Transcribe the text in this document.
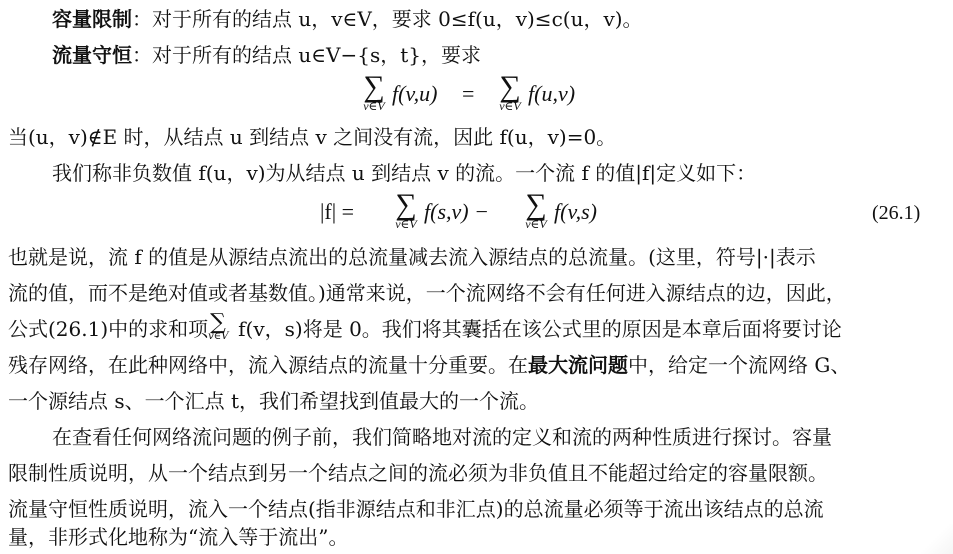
容量限制：对于所有的结点 u，v∈V，要求 0≤f(u，v)≤c(u，v)。
流量守恒：对于所有的结点 u∈V−{s，t}，要求
∑
v∈V f(v,u) = ∑
v∈V f(u,v)
当(u，v)∉E 时，从结点 u 到结点 v 之间没有流，因此 f(u，v)=0。
我们称非负数值 f(u，v)为从结点 u 到结点 v 的流。一个流 f 的值|f|定义如下：
|f| =	∑
v∈V f(s,v) −	∑
v∈V f(v,s)	(26.1)
也就是说，流 f 的值是从源结点流出的总流量减去流入源结点的总流量。(这里，符号|·|表示
流的值，而不是绝对值或者基数值。)通常来说，一个流网络不会有任何进入源结点的边，因此，
公式(26.1)中的求和项 ∑
v∈V f(v，s)将是 0。我们将其囊括在该公式里的原因是本章后面将要讨论
残存网络，在此种网络中，流入源结点的流量十分重要。在最大流问题中，给定一个流网络 G、
一个源结点 s、一个汇点 t，我们希望找到值最大的一个流。
在查看任何网络流问题的例子前，我们简略地对流的定义和流的两种性质进行探讨。容量
限制性质说明，从一个结点到另一个结点之间的流必须为非负值且不能超过给定的容量限额。
流量守恒性质说明，流入一个结点(指非源结点和非汇点)的总流量必须等于流出该结点的总流
量，非形式化地称为“流入等于流出”。
